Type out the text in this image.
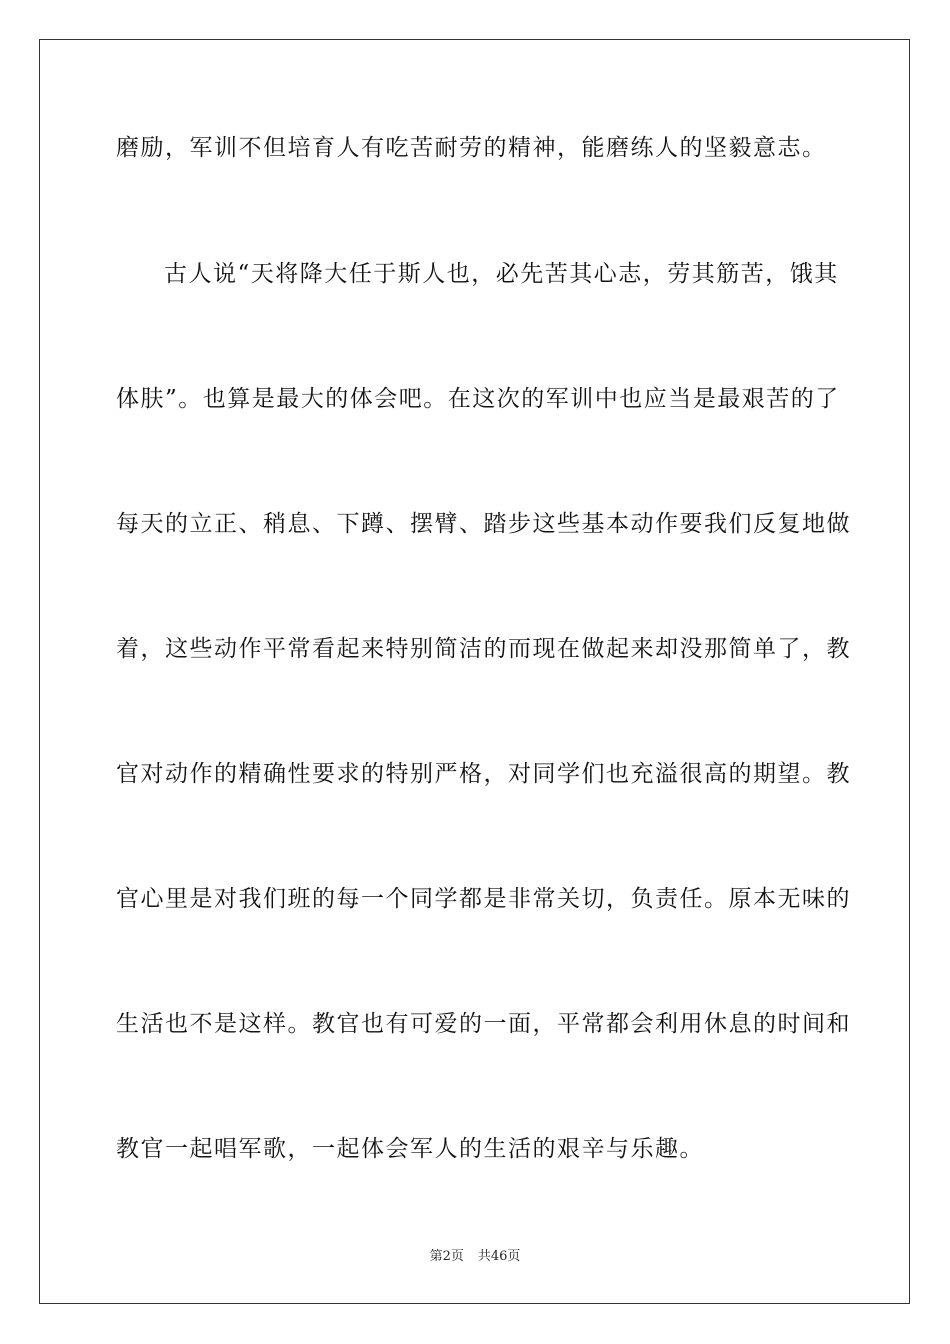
磨励，军训不但培育人有吃苦耐劳的精神，能磨练人的坚毅意志。
古人说“天将降大任于斯人也，必先苦其心志，劳其筋苦，饿其
体肤”。也算是最大的体会吧。在这次的军训中也应当是最艰苦的了
每天的立正、稍息、下蹲、摆臂、踏步这些基本动作要我们反复地做
着，这些动作平常看起来特别简洁的而现在做起来却没那简单了，教
官对动作的精确性要求的特别严格，对同学们也充溢很高的期望。教
官心里是对我们班的每一个同学都是非常关切，负责任。原本无味的
生活也不是这样。教官也有可爱的一面，平常都会利用休息的时间和
教官一起唱军歌，一起体会军人的生活的艰辛与乐趣。
第2页 共46页
